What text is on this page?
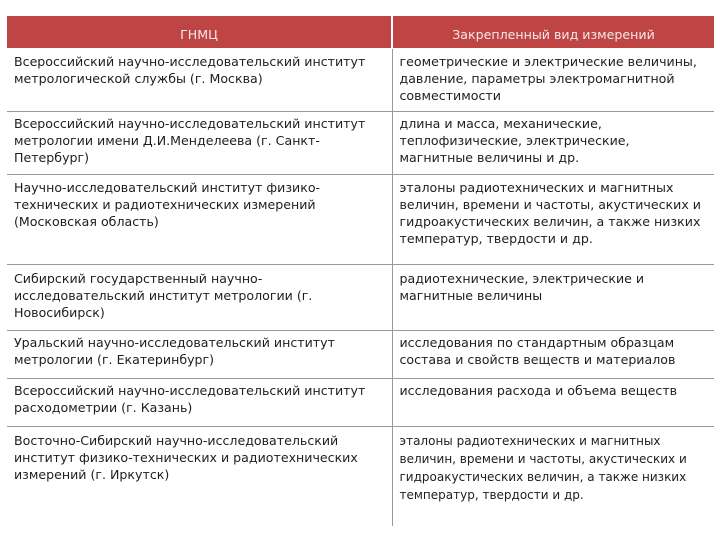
ГНМЦ	Закрепленный вид измерений
Всероссийский научно-исследовательский институт метрологической службы (г. Москва)	геометрические и электрические величины, давление, параметры электромагнитной совместимости
Всероссийский научно-исследовательский институт метрологии имени Д.И.Менделеева (г. Санкт- Петербург)	длина и масса, механические, теплофизические, электрические, магнитные величины и др.
Научно-исследовательский институт физико-технических и радиотехнических измерений (Московская область)	эталоны радиотехнических и магнитных величин, времени и частоты, акустических и гидроакустических величин, а также низких температур, твердости и др.
Сибирский государственный научно-исследовательский институт метрологии (г. Новосибирск)	радиотехнические, электрические и магнитные величины
Уральский научно-исследовательский институт метрологии (г. Екатеринбург)	исследования по стандартным образцам состава и свойств веществ и материалов
Всероссийский научно-исследовательский институт расходометрии (г. Казань)	исследования расхода и объема веществ
Восточно-Сибирский научно-исследовательский институт физико-технических и радиотехнических измерений (г. Иркутск)	эталоны радиотехнических и магнитных величин, времени и частоты, акустических и гидроакустических величин, а также низких температур, твердости и др.
